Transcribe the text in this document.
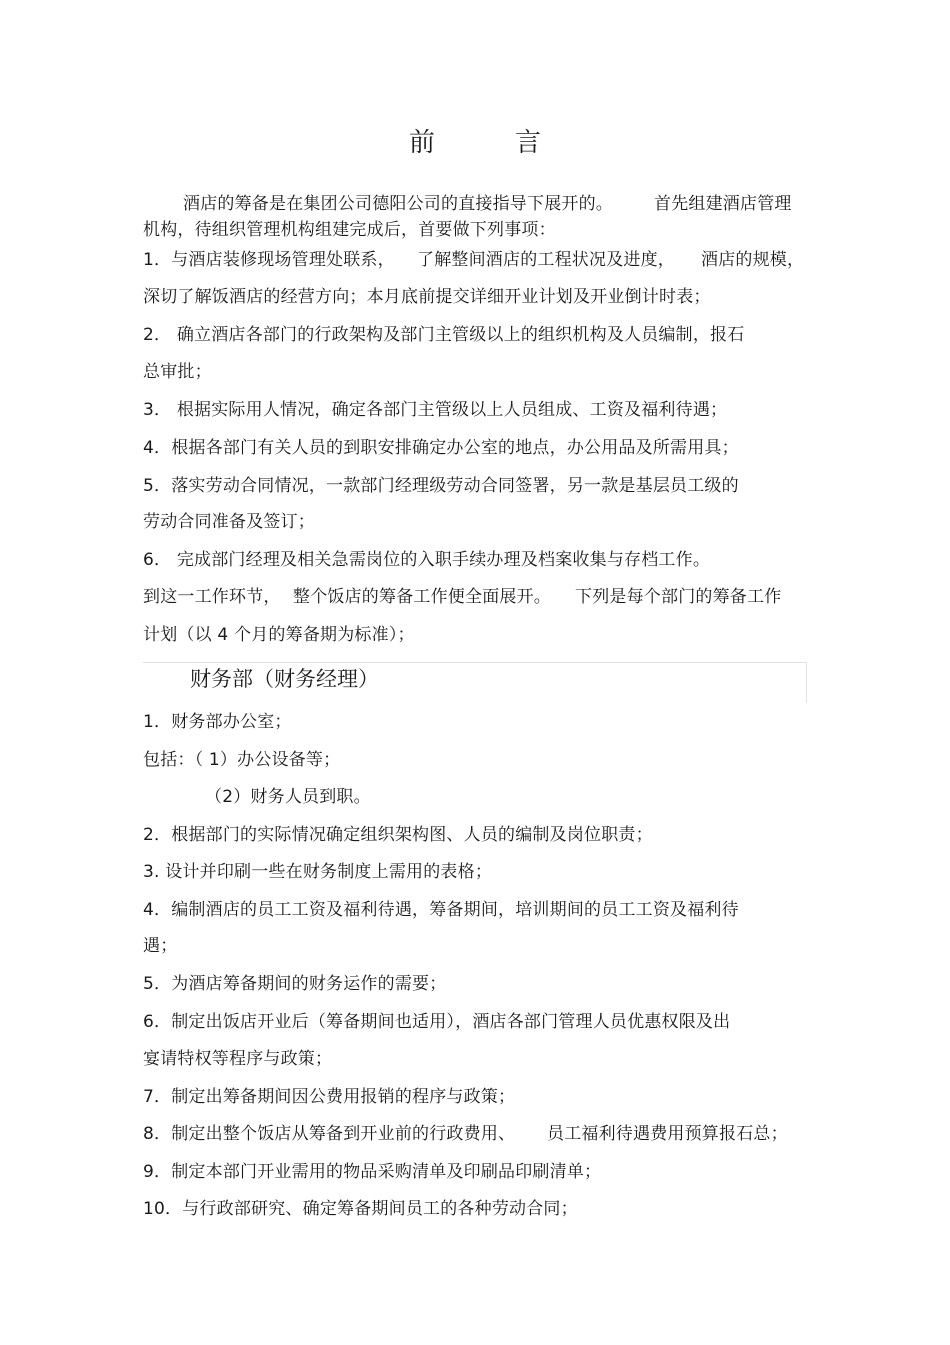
前	言
酒店的筹备是在集团公司德阳公司的直接指导下展开的。 首先组建酒店管理
机构，待组织管理机构组建完成后，首要做下列事项：
1．与酒店装修现场管理处联系， 了解整间酒店的工程状况及进度， 酒店的规模，
深切了解饭酒店的经营方向；本月底前提交详细开业计划及开业倒计时表；
2． 确立酒店各部门的行政架构及部门主管级以上的组织机构及人员编制，报石
总审批；
3． 根据实际用人情况，确定各部门主管级以上人员组成、工资及福利待遇；
4．根据各部门有关人员的到职安排确定办公室的地点，办公用品及所需用具；
5．落实劳动合同情况，一款部门经理级劳动合同签署，另一款是基层员工级的
劳动合同准备及签订；
6． 完成部门经理及相关急需岗位的入职手续办理及档案收集与存档工作。
到这一工作环节， 整个饭店的筹备工作便全面展开。 下列是每个部门的筹备工作
计划（以 4 个月的筹备期为标准）；
财务部（财务经理）
1．财务部办公室；
包括：（ 1）办公设备等；
（2）财务人员到职。
2．根据部门的实际情况确定组织架构图、人员的编制及岗位职责；
3. 设计并印刷一些在财务制度上需用的表格；
4．编制酒店的员工工资及福利待遇，筹备期间，培训期间的员工工资及福利待
遇；
5．为酒店筹备期间的财务运作的需要；
6．制定出饭店开业后（筹备期间也适用），酒店各部门管理人员优惠权限及出
宴请特权等程序与政策；
7．制定出筹备期间因公费用报销的程序与政策；
8．制定出整个饭店从筹备到开业前的行政费用、 员工福利待遇费用预算报石总；
9．制定本部门开业需用的物品采购清单及印刷品印刷清单；
10．与行政部研究、确定筹备期间员工的各种劳动合同；
